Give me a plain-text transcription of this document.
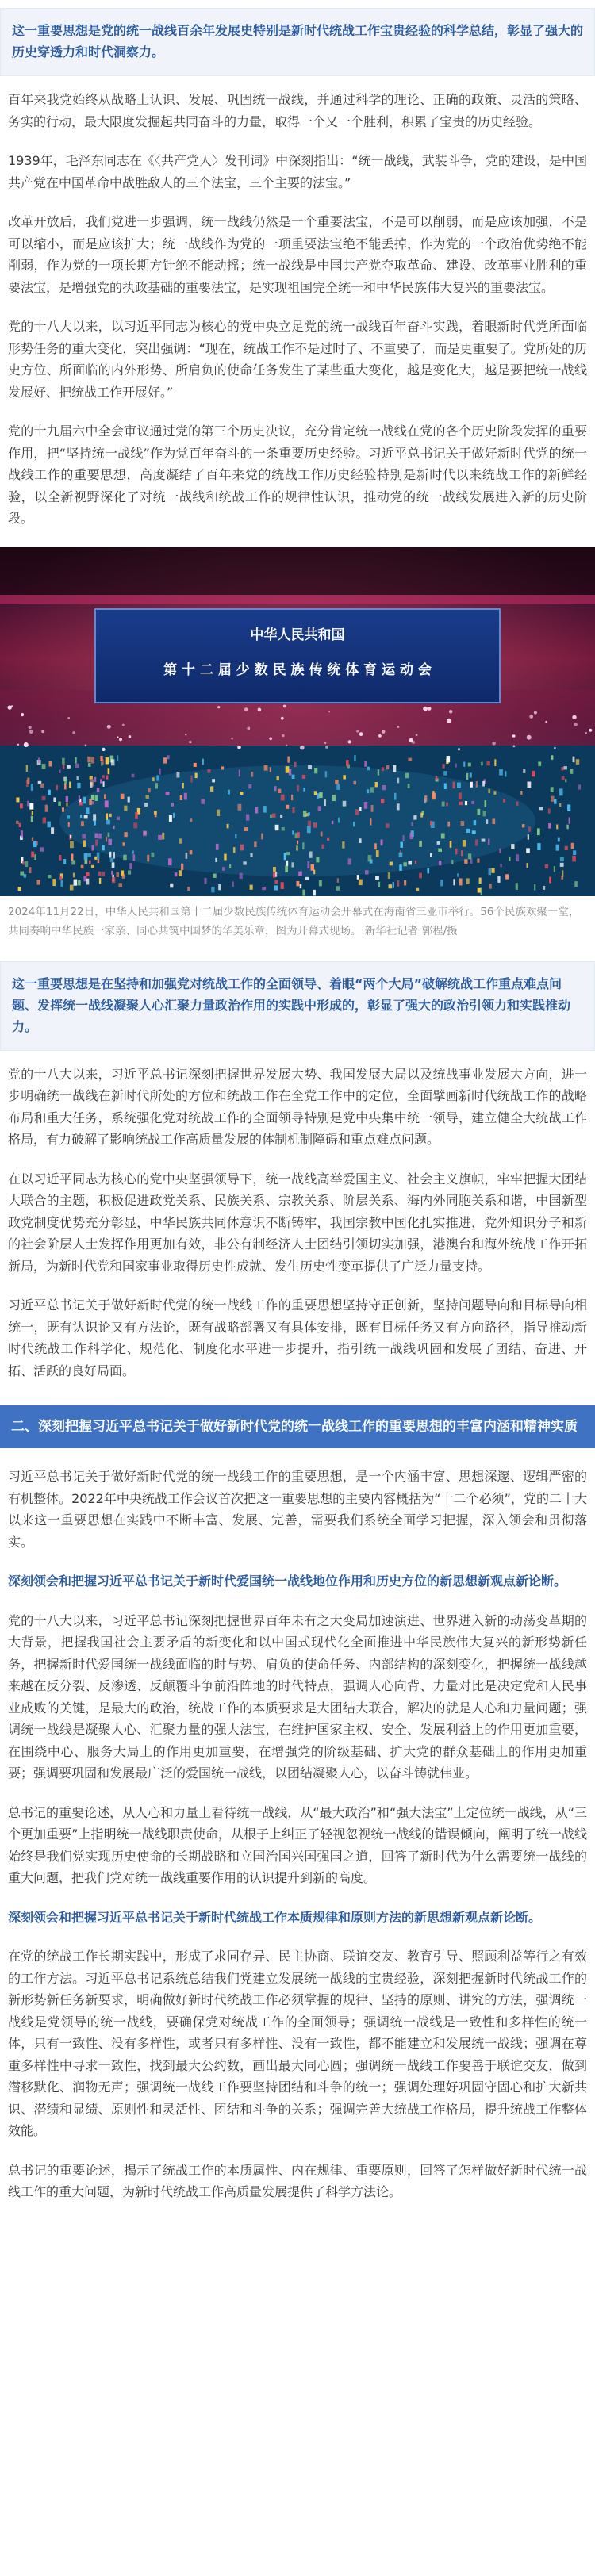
这一重要思想是党的统一战线百余年发展史特别是新时代统战工作宝贵经验的科学总结，彰显了强大的历史穿透力和时代洞察力。

百年来我党始终从战略上认识、发展、巩固统一战线，并通过科学的理论、正确的政策、灵活的策略、务实的行动，最大限度发掘起共同奋斗的力量，取得一个又一个胜利，积累了宝贵的历史经验。

1939年，毛泽东同志在《〈共产党人〉发刊词》中深刻指出：“统一战线，武装斗争，党的建设，是中国共产党在中国革命中战胜敌人的三个法宝，三个主要的法宝。”

改革开放后，我们党进一步强调，统一战线仍然是一个重要法宝，不是可以削弱，而是应该加强，不是可以缩小，而是应该扩大；统一战线作为党的一项重要法宝绝不能丢掉，作为党的一个政治优势绝不能削弱，作为党的一项长期方针绝不能动摇；统一战线是中国共产党夺取革命、建设、改革事业胜利的重要法宝，是增强党的执政基础的重要法宝，是实现祖国完全统一和中华民族伟大复兴的重要法宝。

党的十八大以来，以习近平同志为核心的党中央立足党的统一战线百年奋斗实践，着眼新时代党所面临形势任务的重大变化，突出强调：“现在，统战工作不是过时了、不重要了，而是更重要了。党所处的历史方位、所面临的内外形势、所肩负的使命任务发生了某些重大变化，越是变化大，越是要把统一战线发展好、把统战工作开展好。”

党的十九届六中全会审议通过党的第三个历史决议，充分肯定统一战线在党的各个历史阶段发挥的重要作用，把“坚持统一战线”作为党百年奋斗的一条重要历史经验。习近平总书记关于做好新时代党的统一战线工作的重要思想，高度凝结了百年来党的统战工作历史经验特别是新时代以来统战工作的新鲜经验，以全新视野深化了对统一战线和统战工作的规律性认识，推动党的统一战线发展进入新的历史阶段。

中华人民共和国
第 十 二 届 少 数 民 族 传 统 体 育 运 动 会

2024年11月22日，中华人民共和国第十二届少数民族传统体育运动会开幕式在海南省三亚市举行。56个民族欢聚一堂，共同奏响中华民族一家亲、同心共筑中国梦的华美乐章，图为开幕式现场。 新华社记者 郭程/摄

这一重要思想是在坚持和加强党对统战工作的全面领导、着眼“两个大局”破解统战工作重点难点问题、发挥统一战线凝聚人心汇聚力量政治作用的实践中形成的，彰显了强大的政治引领力和实践推动力。

党的十八大以来，习近平总书记深刻把握世界发展大势、我国发展大局以及统战事业发展大方向，进一步明确统一战线在新时代所处的方位和统战工作在全党工作中的定位，全面擘画新时代统战工作的战略布局和重大任务，系统强化党对统战工作的全面领导特别是党中央集中统一领导，建立健全大统战工作格局，有力破解了影响统战工作高质量发展的体制机制障碍和重点难点问题。

在以习近平同志为核心的党中央坚强领导下，统一战线高举爱国主义、社会主义旗帜，牢牢把握大团结大联合的主题，积极促进政党关系、民族关系、宗教关系、阶层关系、海内外同胞关系和谐，中国新型政党制度优势充分彰显，中华民族共同体意识不断铸牢，我国宗教中国化扎实推进，党外知识分子和新的社会阶层人士发挥作用更加有效，非公有制经济人士团结引领切实加强，港澳台和海外统战工作开拓新局，为新时代党和国家事业取得历史性成就、发生历史性变革提供了广泛力量支持。

习近平总书记关于做好新时代党的统一战线工作的重要思想坚持守正创新，坚持问题导向和目标导向相统一，既有认识论又有方法论，既有战略部署又有具体安排，既有目标任务又有方向路径，指导推动新时代统战工作科学化、规范化、制度化水平进一步提升，指引统一战线巩固和发展了团结、奋进、开拓、活跃的良好局面。

二、深刻把握习近平总书记关于做好新时代党的统一战线工作的重要思想的丰富内涵和精神实质

习近平总书记关于做好新时代党的统一战线工作的重要思想，是一个内涵丰富、思想深邃、逻辑严密的有机整体。2022年中央统战工作会议首次把这一重要思想的主要内容概括为“十二个必须”，党的二十大以来这一重要思想在实践中不断丰富、发展、完善，需要我们系统全面学习把握，深入领会和贯彻落实。

深刻领会和把握习近平总书记关于新时代爱国统一战线地位作用和历史方位的新思想新观点新论断。

党的十八大以来，习近平总书记深刻把握世界百年未有之大变局加速演进、世界进入新的动荡变革期的大背景，把握我国社会主要矛盾的新变化和以中国式现代化全面推进中华民族伟大复兴的新形势新任务，把握新时代爱国统一战线面临的时与势、肩负的使命任务、内部结构的深刻变化，把握统一战线越来越在反分裂、反渗透、反颠覆斗争前沿阵地的时代特点，强调人心向背、力量对比是决定党和人民事业成败的关键，是最大的政治，统战工作的本质要求是大团结大联合，解决的就是人心和力量问题；强调统一战线是凝聚人心、汇聚力量的强大法宝，在维护国家主权、安全、发展利益上的作用更加重要，在围绕中心、服务大局上的作用更加重要，在增强党的阶级基础、扩大党的群众基础上的作用更加重要；强调要巩固和发展最广泛的爱国统一战线，以团结凝聚人心，以奋斗铸就伟业。

总书记的重要论述，从人心和力量上看待统一战线，从“最大政治”和“强大法宝”上定位统一战线，从“三个更加重要”上指明统一战线职责使命，从根子上纠正了轻视忽视统一战线的错误倾向，阐明了统一战线始终是我们党实现历史使命的长期战略和立国治国兴国强国之道，回答了新时代为什么需要统一战线的重大问题，把我们党对统一战线重要作用的认识提升到新的高度。

深刻领会和把握习近平总书记关于新时代统战工作本质规律和原则方法的新思想新观点新论断。

在党的统战工作长期实践中，形成了求同存异、民主协商、联谊交友、教育引导、照顾利益等行之有效的工作方法。习近平总书记系统总结我们党建立发展统一战线的宝贵经验，深刻把握新时代统战工作的新形势新任务新要求，明确做好新时代统战工作必须掌握的规律、坚持的原则、讲究的方法，强调统一战线是党领导的统一战线，要确保党对统战工作的全面领导；强调统一战线是一致性和多样性的统一体，只有一致性、没有多样性，或者只有多样性、没有一致性，都不能建立和发展统一战线；强调在尊重多样性中寻求一致性，找到最大公约数，画出最大同心圆；强调统一战线工作要善于联谊交友，做到潜移默化、润物无声；强调统一战线工作要坚持团结和斗争的统一；强调处理好巩固守固心和扩大新共识、潜绩和显绩、原则性和灵活性、团结和斗争的关系；强调完善大统战工作格局，提升统战工作整体效能。

总书记的重要论述，揭示了统战工作的本质属性、内在规律、重要原则，回答了怎样做好新时代统一战线工作的重大问题，为新时代统战工作高质量发展提供了科学方法论。
